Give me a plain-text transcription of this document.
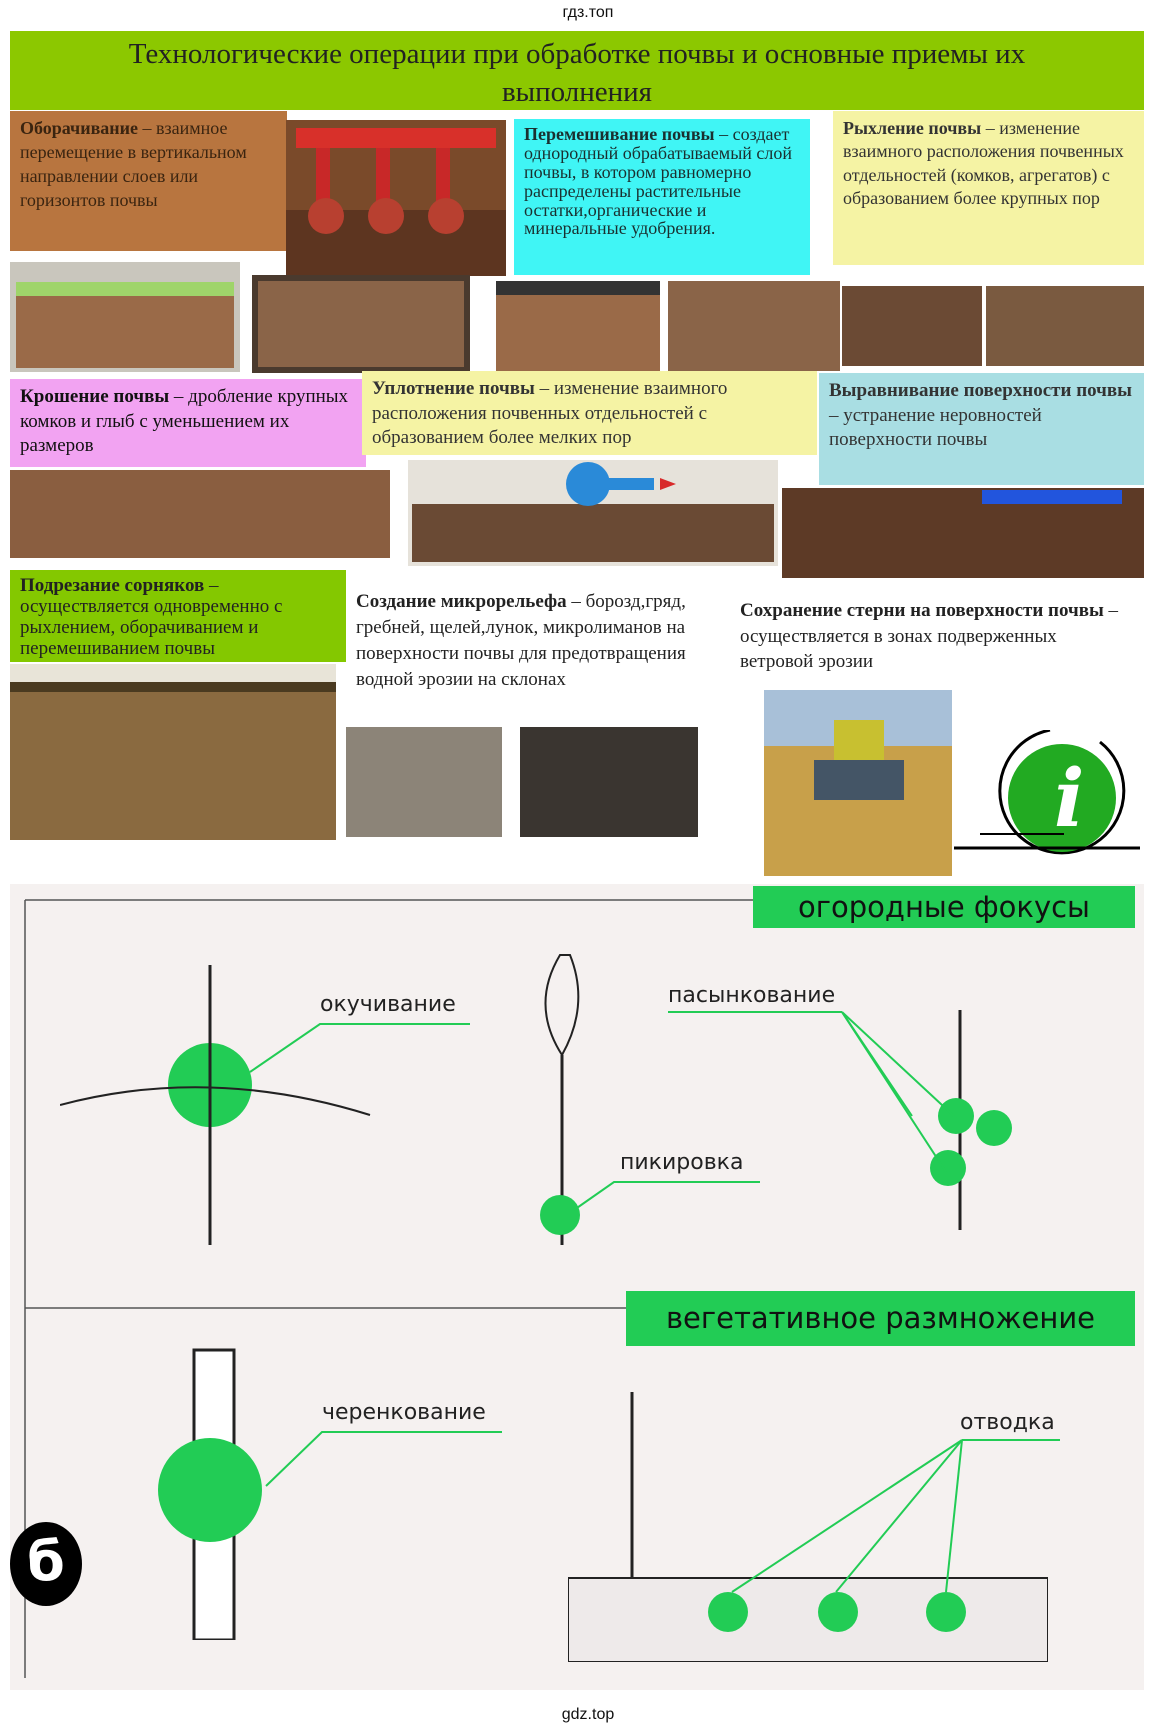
гдз.топ
Технологические операции при обработке почвы и основные приемы их выполнения
Оборачивание – взаимное перемещение в вертикальном направлении слоев или горизонтов почвы
Перемешивание почвы – создает однородный обрабатываемый слой почвы, в котором равномерно распределены растительные остатки,органические и минеральные удобрения.
Рыхление почвы – изменение взаимного расположения почвенных отдельностей (комков, агрегатов) с образованием более крупных пор
Крошение почвы – дробление крупных комков и глыб с уменьшением их размеров
Уплотнение почвы – изменение взаимного расположения почвенных отдельностей с образованием более мелких пор
Выравнивание поверхности почвы – устранение неровностей поверхности почвы
Подрезание сорняков – осуществляется одновременно с рыхлением, оборачиванием и перемешиванием почвы
Создание микрорельефа – борозд,гряд, гребней, щелей,лунок, микролиманов на поверхности почвы для предотвращения водной эрозии на склонах
Сохранение стерни на поверхности почвы – осуществляется в зонах подверженных ветровой эрозии
i
огородные фокусы
окучивание
пикировка
пасынкование
вегетативное размножение
черенкование	отводка
б
gdz.top
